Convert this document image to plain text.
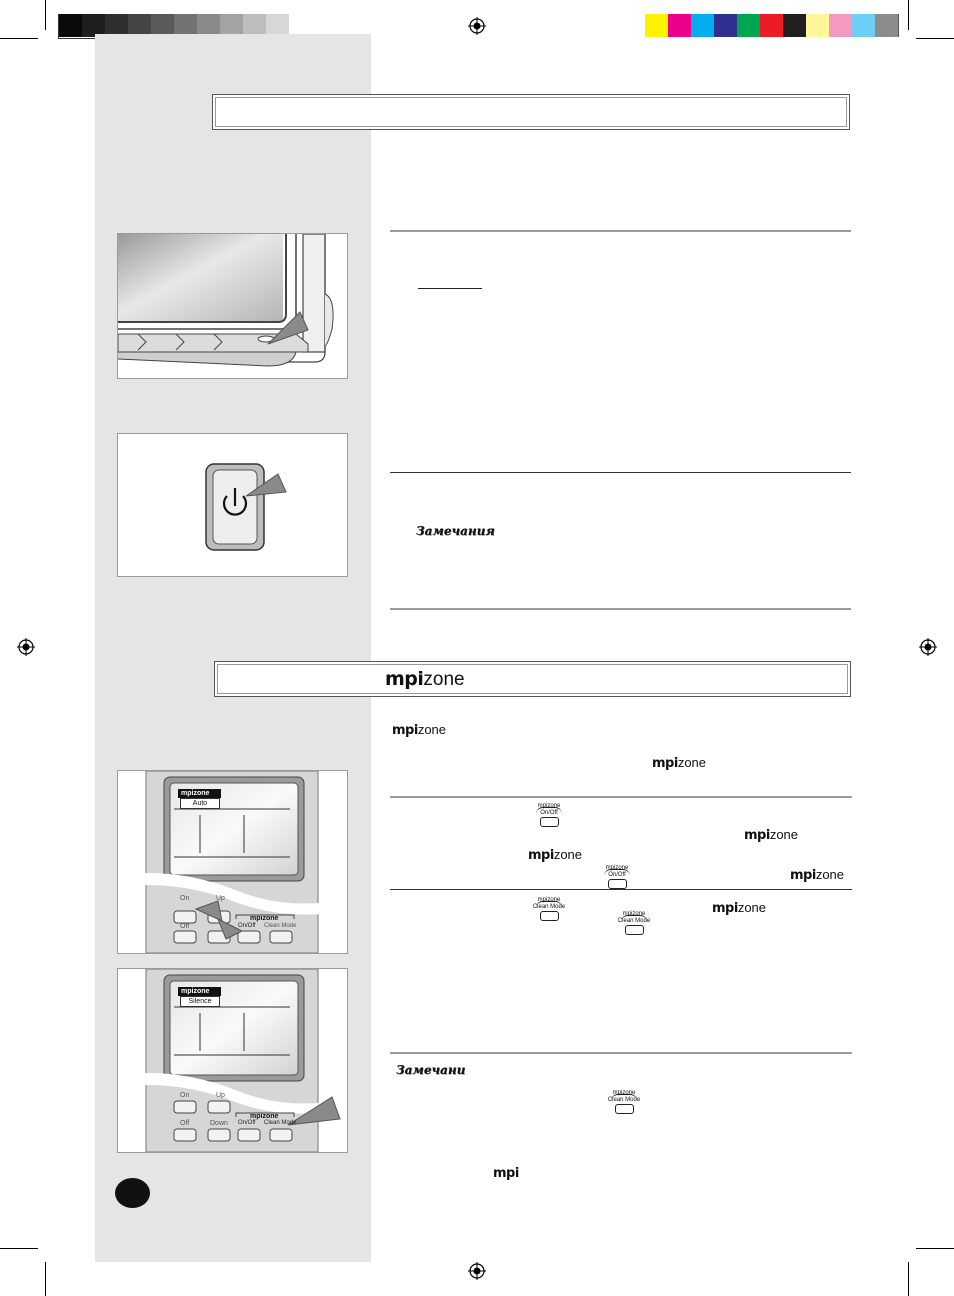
Замечания
mpizone
mpizone
mpizone
mpizone
On/Off
mpizone
mpizone
mpizone
On/Off	mpizone
mpizone
Clean Mode	mpizone
mpizone
Clean Mode
Замечани
mpizone
Clean Mode
mpi
mpizone
Auto
On	Up
Off
mpizone
On/Off Clean Mode
mpizone
Silence
On	Up
Off	Down
mpizone
On/Off Clean Mode
